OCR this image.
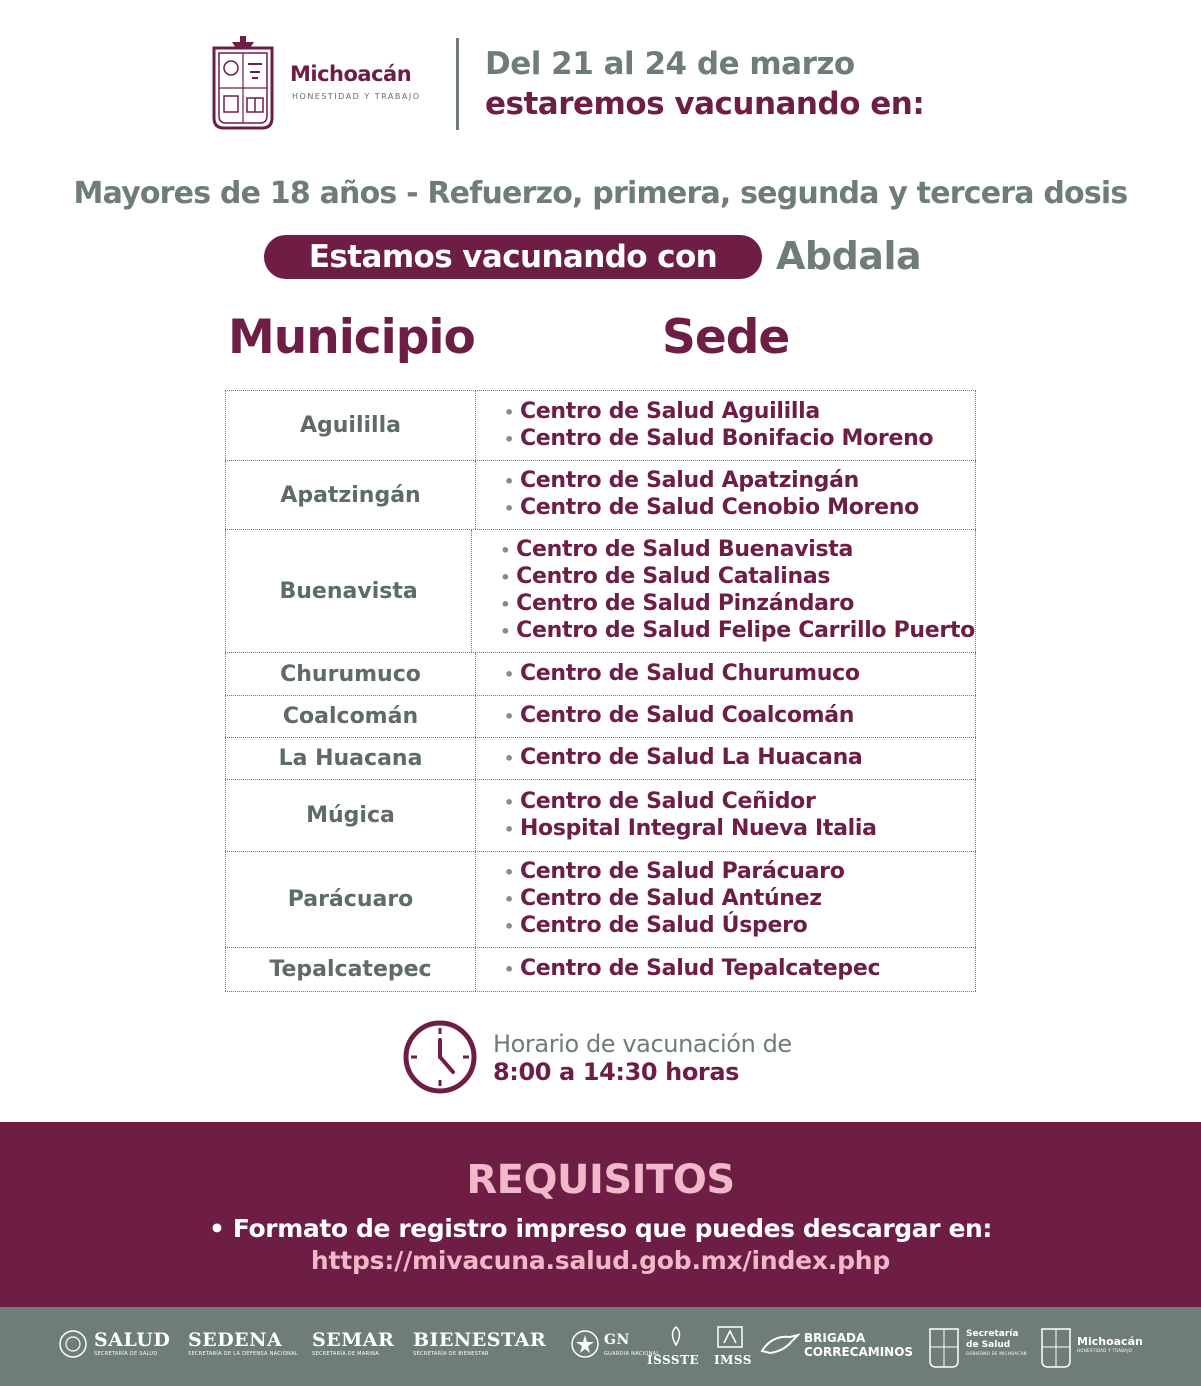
Michoacán
HONESTIDAD Y TRABAJO
Del 21 al 24 de marzo
estaremos vacunando en:
Mayores de 18 años - Refuerzo, primera, segunda y tercera dosis
Estamos vacunando con	Abdala
Municipio	Sede
Aguililla
• Centro de Salud Aguililla
• Centro de Salud Bonifacio Moreno
Apatzingán
• Centro de Salud Apatzingán
• Centro de Salud Cenobio Moreno
Buenavista
• Centro de Salud Buenavista
• Centro de Salud Catalinas
• Centro de Salud Pinzándaro
• Centro de Salud Felipe Carrillo Puerto
Churumuco	• Centro de Salud Churumuco
Coalcomán	• Centro de Salud Coalcomán
La Huacana	• Centro de Salud La Huacana
Múgica
• Centro de Salud Ceñidor
• Hospital Integral Nueva Italia
Parácuaro
• Centro de Salud Parácuaro
• Centro de Salud Antúnez
• Centro de Salud Úspero
Tepalcatepec	• Centro de Salud Tepalcatepec
Horario de vacunación de
8:00 a 14:30 horas
REQUISITOS
• Formato de registro impreso que puedes descargar en:
https://mivacuna.salud.gob.mx/index.php
SALUD
SECRETARÍA DE SALUD
SEDENA
SECRETARÍA DE LA DEFENSA NACIONAL
SEMAR
SECRETARÍA DE MARINA
BIENESTAR
SECRETARÍA DE BIENESTAR
GN
GUARDIA NACIONAL
ISSSTE IMSS
BRIGADA
CORRECAMINOS
Secretaría
de Salud
GOBIERNO DE MICHOACÁN
Michoacán
HONESTIDAD Y TRABAJO
